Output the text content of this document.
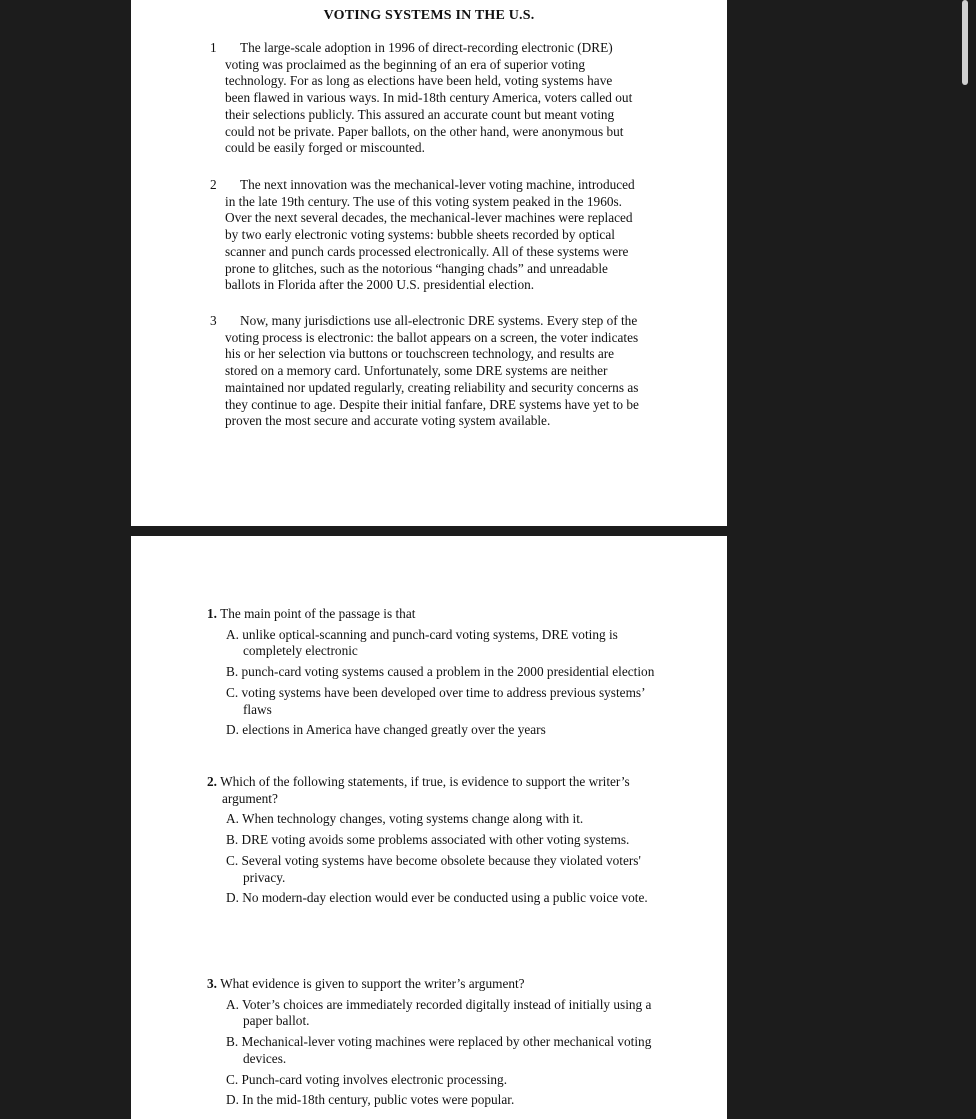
VOTING SYSTEMS IN THE U.S.
1 The large-scale adoption in 1996 of direct-recording electronic (DRE) voting was proclaimed as the beginning of an era of superior voting technology. For as long as elections have been held, voting systems have been flawed in various ways. In mid-18th century America, voters called out their selections publicly. This assured an accurate count but meant voting could not be private. Paper ballots, on the other hand, were anonymous but could be easily forged or miscounted.
2 The next innovation was the mechanical-lever voting machine, introduced in the late 19th century. The use of this voting system peaked in the 1960s. Over the next several decades, the mechanical-lever machines were replaced by two early electronic voting systems: bubble sheets recorded by optical scanner and punch cards processed electronically. All of these systems were prone to glitches, such as the notorious “hanging chads” and unreadable ballots in Florida after the 2000 U.S. presidential election.
3 Now, many jurisdictions use all-electronic DRE systems. Every step of the voting process is electronic: the ballot appears on a screen, the voter indicates his or her selection via buttons or touchscreen technology, and results are stored on a memory card. Unfortunately, some DRE systems are neither maintained nor updated regularly, creating reliability and security concerns as they continue to age. Despite their initial fanfare, DRE systems have yet to be proven the most secure and accurate voting system available.
1. The main point of the passage is that
A. unlike optical-scanning and punch-card voting systems, DRE voting is completely electronic
B. punch-card voting systems caused a problem in the 2000 presidential election
C. voting systems have been developed over time to address previous systems’ flaws
D. elections in America have changed greatly over the years
2. Which of the following statements, if true, is evidence to support the writer’s argument?
A. When technology changes, voting systems change along with it.
B. DRE voting avoids some problems associated with other voting systems.
C. Several voting systems have become obsolete because they violated voters' privacy.
D. No modern-day election would ever be conducted using a public voice vote.
3. What evidence is given to support the writer’s argument?
A. Voter’s choices are immediately recorded digitally instead of initially using a paper ballot.
B. Mechanical-lever voting machines were replaced by other mechanical voting devices.
C. Punch-card voting involves electronic processing.
D. In the mid-18th century, public votes were popular.
